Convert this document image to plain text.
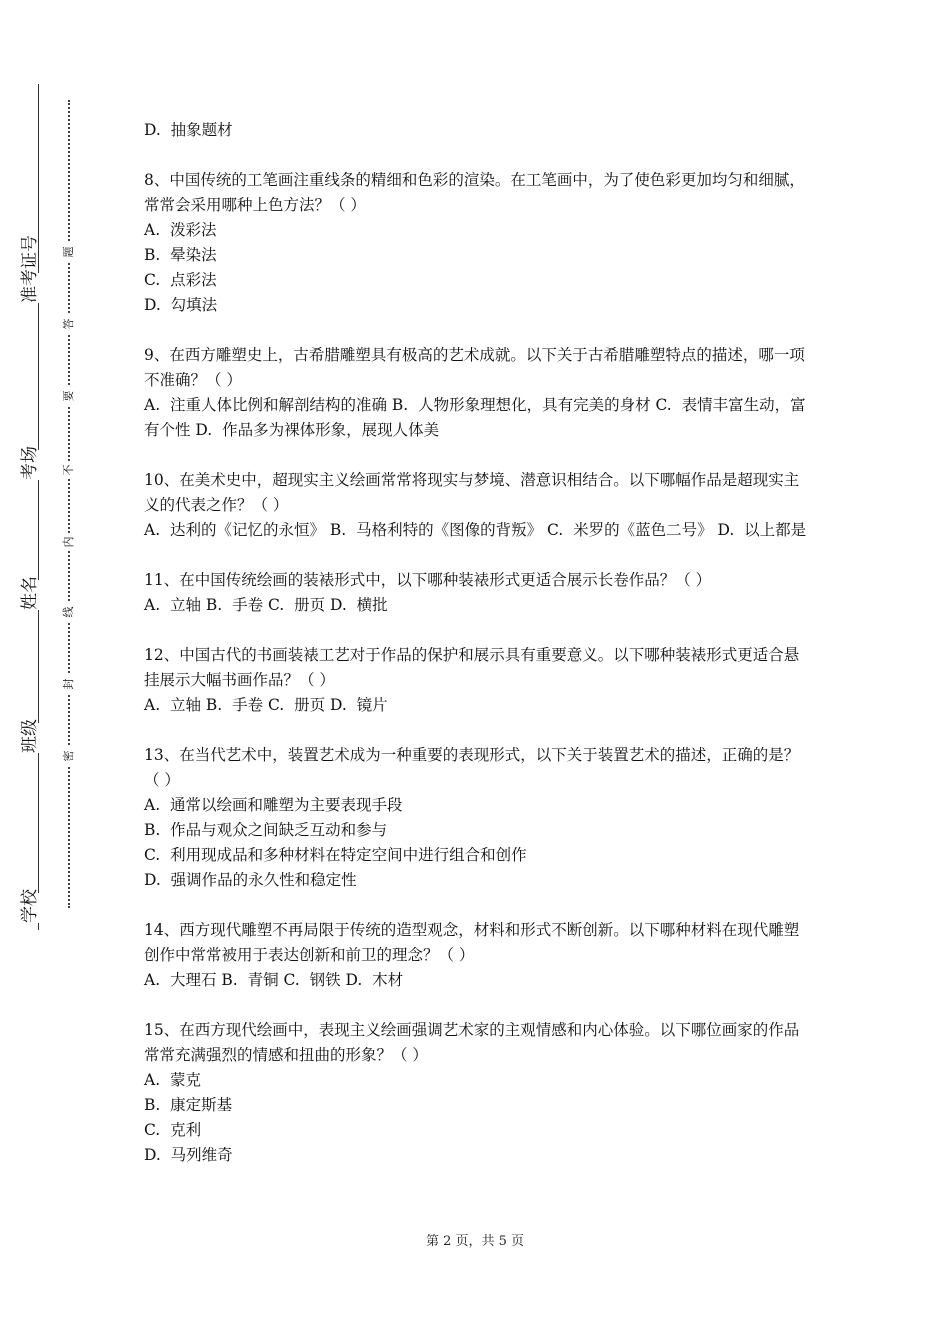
学校
班级
姓名
考场
准考证号
密
封
线
内
不
要
答
题

D.  抽象题材

8、中国传统的工笔画注重线条的精细和色彩的渲染。在工笔画中，为了使色彩更加均匀和细腻，常常会采用哪种上色方法？（ ）

A.  泼彩法

B.  晕染法

C.  点彩法

D.  勾填法

9、在西方雕塑史上，古希腊雕塑具有极高的艺术成就。以下关于古希腊雕塑特点的描述，哪一项不准确？（ ）

A.  注重人体比例和解剖结构的准确 B.  人物形象理想化，具有完美的身材 C.  表情丰富生动，富有个性 D.  作品多为裸体形象，展现人体美

10、在美术史中，超现实主义绘画常常将现实与梦境、潜意识相结合。以下哪幅作品是超现实主义的代表之作？（ ）

A.  达利的《记忆的永恒》 B.  马格利特的《图像的背叛》 C.  米罗的《蓝色二号》 D.  以上都是

11、在中国传统绘画的装裱形式中，以下哪种装裱形式更适合展示长卷作品？（ ）

A.  立轴 B.  手卷 C.  册页 D.  横批

12、中国古代的书画装裱工艺对于作品的保护和展示具有重要意义。以下哪种装裱形式更适合悬挂展示大幅书画作品？（ ）

A.  立轴 B.  手卷 C.  册页 D.  镜片

13、在当代艺术中，装置艺术成为一种重要的表现形式，以下关于装置艺术的描述，正确的是？（ ）

A.  通常以绘画和雕塑为主要表现手段

B.  作品与观众之间缺乏互动和参与

C.  利用现成品和多种材料在特定空间中进行组合和创作

D.  强调作品的永久性和稳定性

14、西方现代雕塑不再局限于传统的造型观念，材料和形式不断创新。以下哪种材料在现代雕塑创作中常常被用于表达创新和前卫的理念？（ ）

A.  大理石 B.  青铜 C.  钢铁 D.  木材

15、在西方现代绘画中，表现主义绘画强调艺术家的主观情感和内心体验。以下哪位画家的作品常常充满强烈的情感和扭曲的形象？（ ）

A.  蒙克

B.  康定斯基

C.  克利

D.  马列维奇

第 2 页，共 5 页
